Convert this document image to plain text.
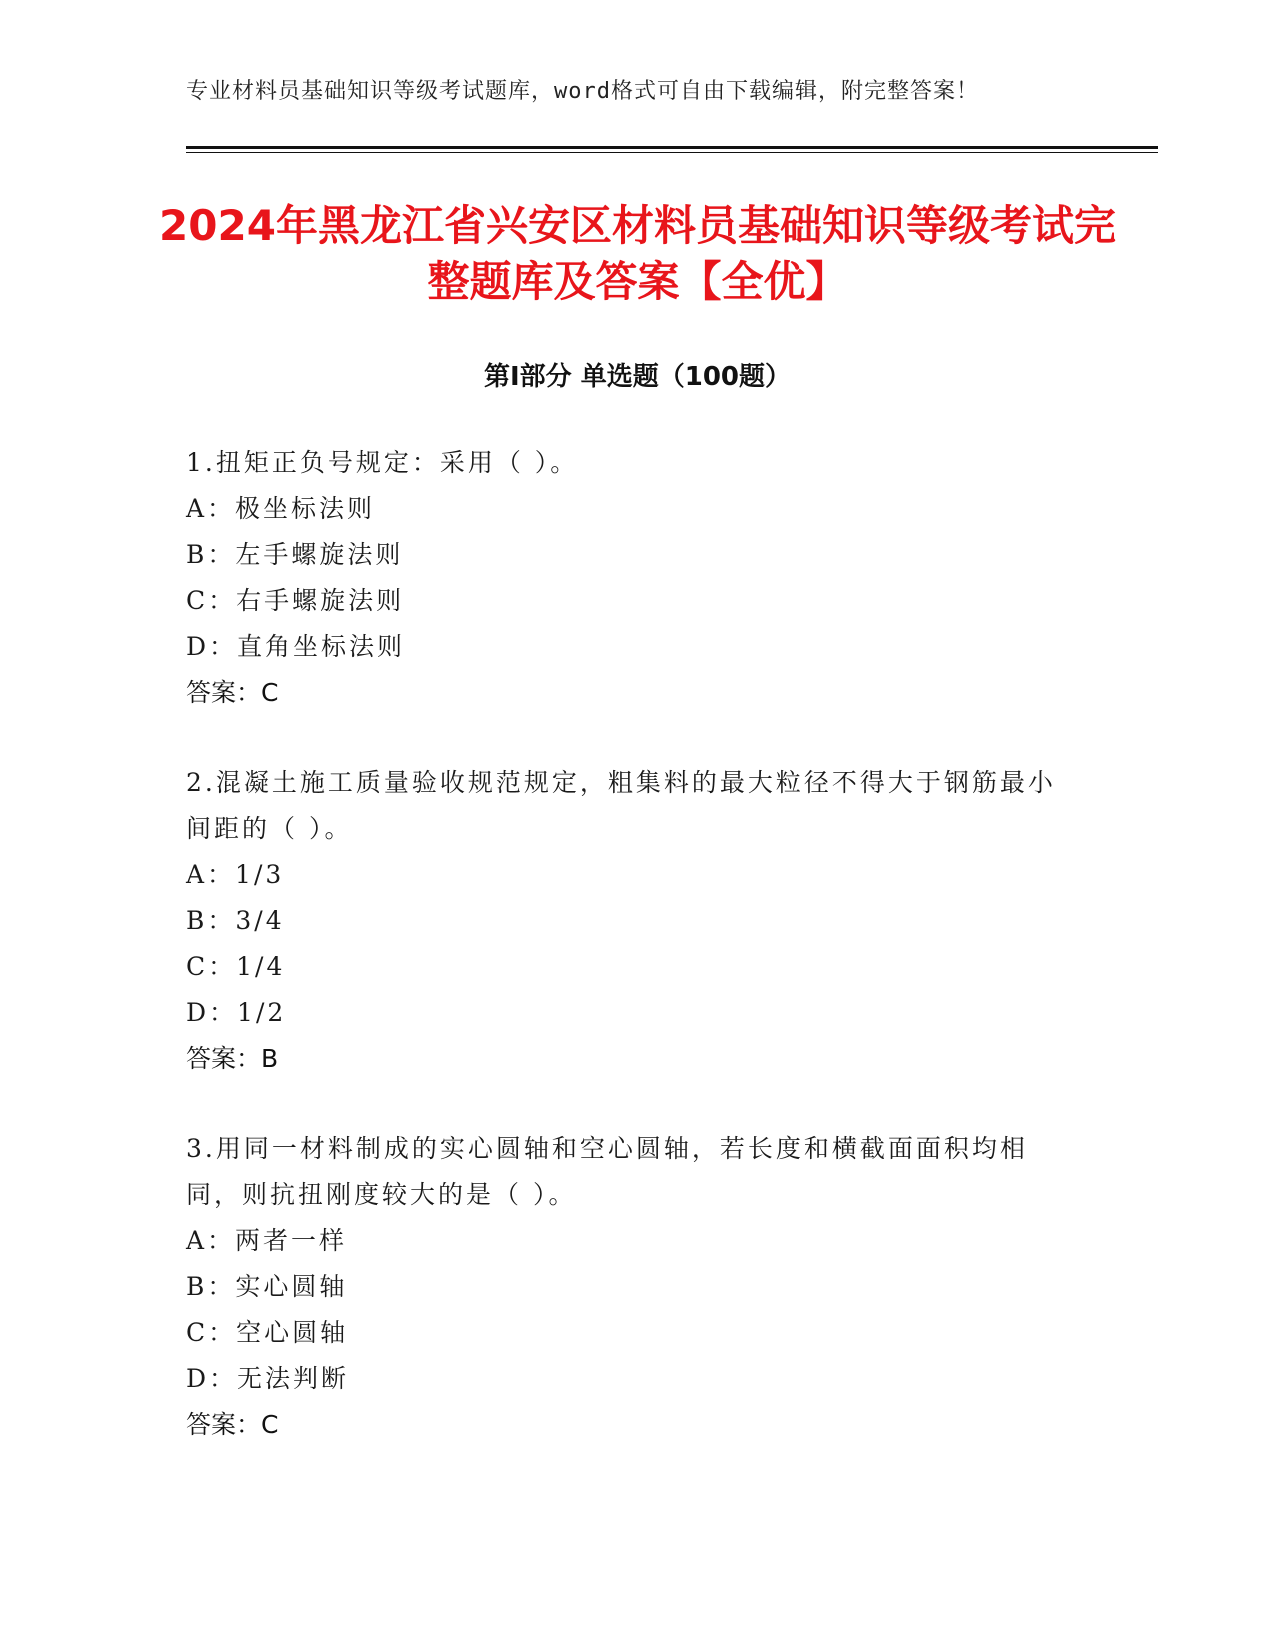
专业材料员基础知识等级考试题库，word格式可自由下载编辑，附完整答案！
2024年黑龙江省兴安区材料员基础知识等级考试完整题库及答案【全优】
第Ⅰ部分 单选题（100题）
1.扭矩正负号规定：采用（ ）。
A：极坐标法则
B：左手螺旋法则
C：右手螺旋法则
D：直角坐标法则
答案：C
2.混凝土施工质量验收规范规定，粗集料的最大粒径不得大于钢筋最小间距的（ ）。
A：1/3
B：3/4
C：1/4
D：1/2
答案：B
3.用同一材料制成的实心圆轴和空心圆轴，若长度和横截面面积均相同，则抗扭刚度较大的是（ ）。
A：两者一样
B：实心圆轴
C：空心圆轴
D：无法判断
答案：C
